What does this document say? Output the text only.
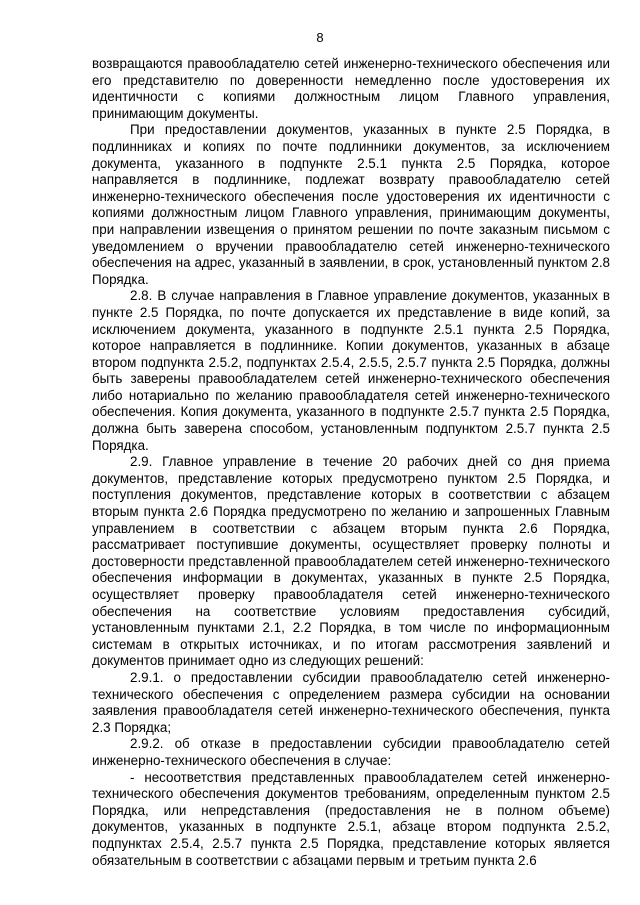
8

возвращаются правообладателю сетей инженерно-технического обеспечения или его представителю по доверенности немедленно после удостоверения их идентичности с копиями должностным лицом Главного управления, принимающим документы.

При предоставлении документов, указанных в пункте 2.5 Порядка, в подлинниках и копиях по почте подлинники документов, за исключением документа, указанного в подпункте 2.5.1 пункта 2.5 Порядка, которое направляется в подлиннике, подлежат возврату правообладателю сетей инженерно-технического обеспечения после удостоверения их идентичности с копиями должностным лицом Главного управления, принимающим документы, при направлении извещения о принятом решении по почте заказным письмом с уведомлением о вручении правообладателю сетей инженерно-технического обеспечения на адрес, указанный в заявлении, в срок, установленный пунктом 2.8 Порядка.

2.8. В случае направления в Главное управление документов, указанных в пункте 2.5 Порядка, по почте допускается их представление в виде копий, за исключением документа, указанного в подпункте 2.5.1 пункта 2.5 Порядка, которое направляется в подлиннике. Копии документов, указанных в абзаце втором подпункта 2.5.2, подпунктах 2.5.4, 2.5.5, 2.5.7 пункта 2.5 Порядка, должны быть заверены правообладателем сетей инженерно-технического обеспечения либо нотариально по желанию правообладателя сетей инженерно-технического обеспечения. Копия документа, указанного в подпункте 2.5.7 пункта 2.5 Порядка, должна быть заверена способом, установленным подпунктом 2.5.7 пункта 2.5 Порядка.

2.9. Главное управление в течение 20 рабочих дней со дня приема документов, представление которых предусмотрено пунктом 2.5 Порядка, и поступления документов, представление которых в соответствии с абзацем вторым пункта 2.6 Порядка предусмотрено по желанию и запрошенных Главным управлением в соответствии с абзацем вторым пункта 2.6 Порядка, рассматривает поступившие документы, осуществляет проверку полноты и достоверности представленной правообладателем сетей инженерно-технического обеспечения информации в документах, указанных в пункте 2.5 Порядка, осуществляет проверку правообладателя сетей инженерно-технического обеспечения на соответствие условиям предоставления субсидий, установленным пунктами 2.1, 2.2 Порядка, в том числе по информационным системам в открытых источниках, и по итогам рассмотрения заявлений и документов принимает одно из следующих решений:

2.9.1. о предоставлении субсидии правообладателю сетей инженерно-технического обеспечения с определением размера субсидии на основании заявления правообладателя сетей инженерно-технического обеспечения, пункта 2.3 Порядка;

2.9.2. об отказе в предоставлении субсидии правообладателю сетей инженерно-технического обеспечения в случае:

- несоответствия представленных правообладателем сетей инженерно-технического обеспечения документов требованиям, определенным пунктом 2.5 Порядка, или непредставления (предоставления не в полном объеме) документов, указанных в подпункте 2.5.1, абзаце втором подпункта 2.5.2, подпунктах 2.5.4, 2.5.7 пункта 2.5 Порядка, представление которых является обязательным в соответствии с абзацами первым и третьим пункта 2.6
